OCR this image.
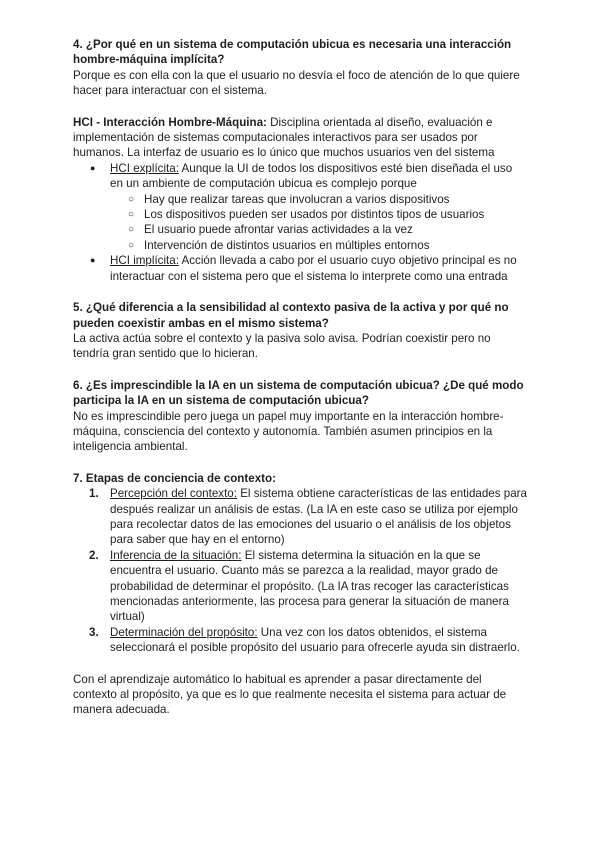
4. ¿Por qué en un sistema de computación ubicua es necesaria una interacción hombre-máquina implícita?

Porque es con ella con la que el usuario no desvía el foco de atención de lo que quiere hacer para interactuar con el sistema.

HCI - Interacción Hombre-Máquina: Disciplina orientada al diseño, evaluación e implementación de sistemas computacionales interactivos para ser usados por humanos. La interfaz de usuario es lo único que muchos usuarios ven del sistema

● HCI explícita: Aunque la UI de todos los dispositivos esté bien diseñada el uso en un ambiente de computación ubicua es complejo porque
○ Hay que realizar tareas que involucran a varios dispositivos
○ Los dispositivos pueden ser usados por distintos tipos de usuarios
○ El usuario puede afrontar varias actividades a la vez
○ Intervención de distintos usuarios en múltiples entornos
● HCI implícita: Acción llevada a cabo por el usuario cuyo objetivo principal es no interactuar con el sistema pero que el sistema lo interprete como una entrada

5. ¿Qué diferencia a la sensibilidad al contexto pasiva de la activa y por qué no pueden coexistir ambas en el mismo sistema?

La activa actúa sobre el contexto y la pasiva solo avisa. Podrían coexistir pero no tendría gran sentido que lo hicieran.

6. ¿Es imprescindible la IA en un sistema de computación ubicua? ¿De qué modo participa la IA en un sistema de computación ubicua?

No es imprescindible pero juega un papel muy importante en la interacción hombre-máquina, consciencia del contexto y autonomía. También asumen principios en la inteligencia ambiental.

7. Etapas de conciencia de contexto:

1. Percepción del contexto: El sistema obtiene características de las entidades para después realizar un análisis de estas. (La IA en este caso se utiliza por ejemplo para recolectar datos de las emociones del usuario o el análisis de los objetos para saber que hay en el entorno)
2. Inferencia de la situación: El sistema determina la situación en la que se encuentra el usuario. Cuanto más se parezca a la realidad, mayor grado de probabilidad de determinar el propósito. (La IA tras recoger las características mencionadas anteriormente, las procesa para generar la situación de manera virtual)
3. Determinación del propósito: Una vez con los datos obtenidos, el sistema seleccionará el posible propósito del usuario para ofrecerle ayuda sin distraerlo.

Con el aprendizaje automático lo habitual es aprender a pasar directamente del contexto al propósito, ya que es lo que realmente necesita el sistema para actuar de manera adecuada.
